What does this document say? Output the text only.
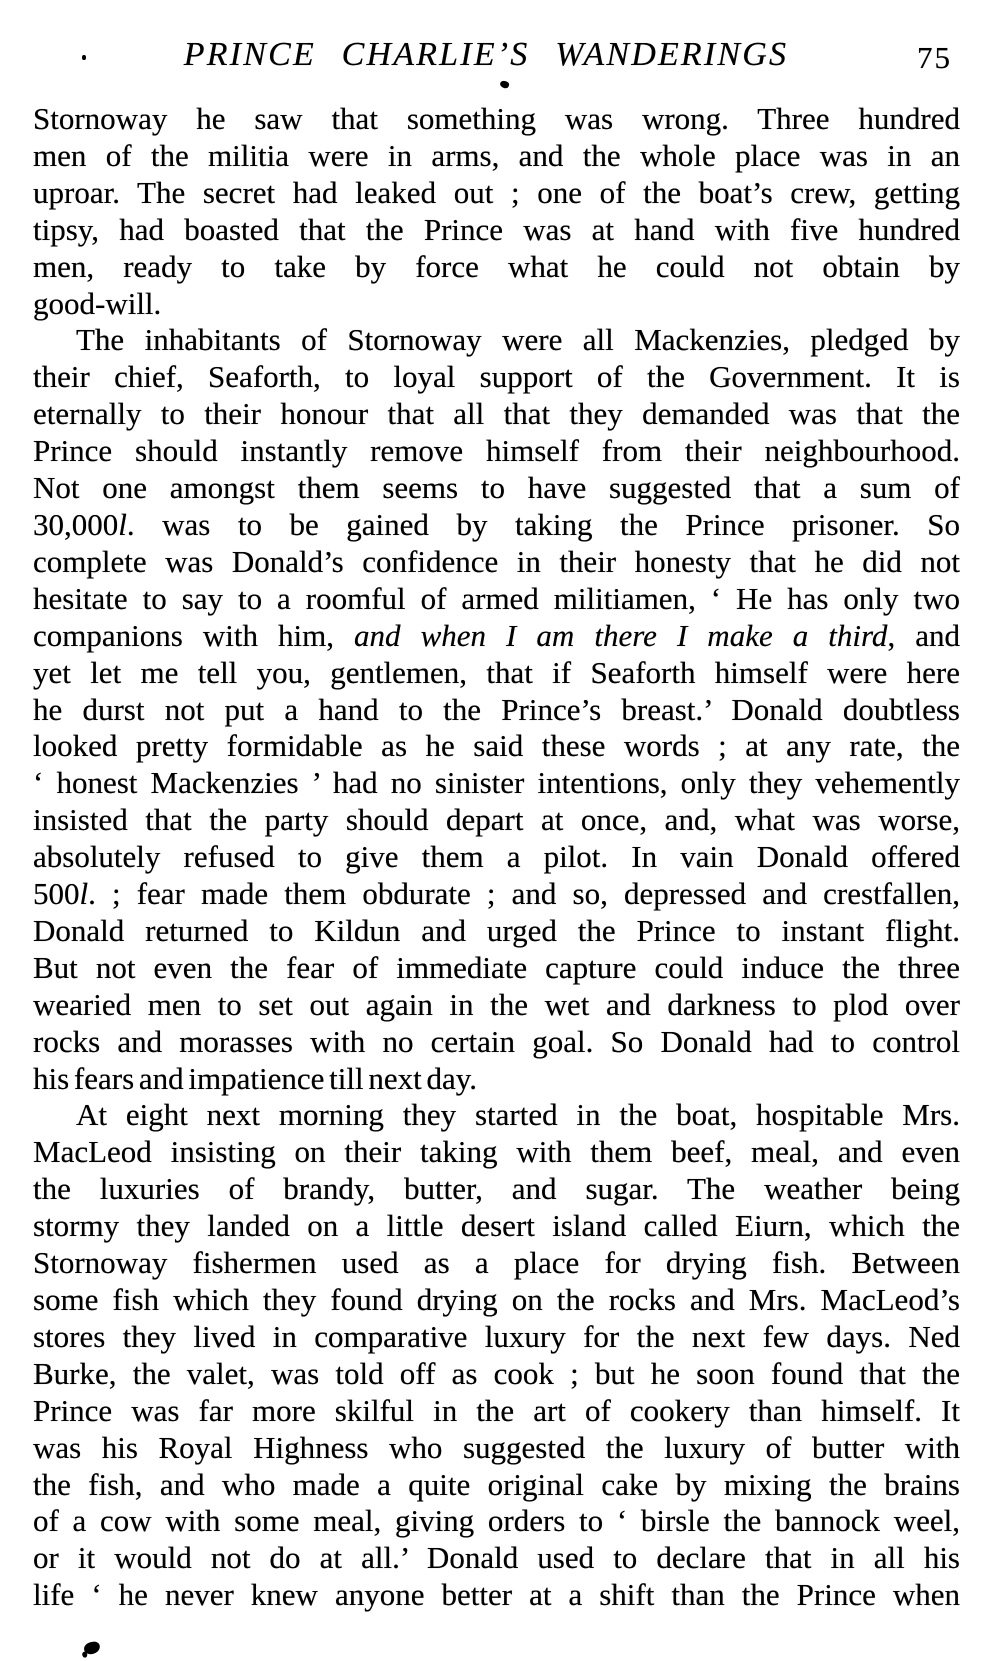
PRINCE CHARLIE’S WANDERINGS	75
Stornoway he saw that something was wrong. Three hundred
men of the militia were in arms, and the whole place was in an
uproar. The secret had leaked out ; one of the boat’s crew, getting
tipsy, had boasted that the Prince was at hand with five hundred
men, ready to take by force what he could not obtain by
good-will.
The inhabitants of Stornoway were all Mackenzies, pledged by
their chief, Seaforth, to loyal support of the Government. It is
eternally to their honour that all that they demanded was that the
Prince should instantly remove himself from their neighbourhood.
Not one amongst them seems to have suggested that a sum of
30,000l. was to be gained by taking the Prince prisoner. So
complete was Donald’s confidence in their honesty that he did not
hesitate to say to a roomful of armed militiamen, ‘ He has only two
companions with him, and when I am there I make a third, and
yet let me tell you, gentlemen, that if Seaforth himself were here
he durst not put a hand to the Prince’s breast.’ Donald doubtless
looked pretty formidable as he said these words ; at any rate, the
‘ honest Mackenzies ’ had no sinister intentions, only they vehemently
insisted that the party should depart at once, and, what was worse,
absolutely refused to give them a pilot. In vain Donald offered
500l. ; fear made them obdurate ; and so, depressed and crestfallen,
Donald returned to Kildun and urged the Prince to instant flight.
But not even the fear of immediate capture could induce the three
wearied men to set out again in the wet and darkness to plod over
rocks and morasses with no certain goal. So Donald had to control
his fears and impatience till next day.
At eight next morning they started in the boat, hospitable Mrs.
MacLeod insisting on their taking with them beef, meal, and even
the luxuries of brandy, butter, and sugar. The weather being
stormy they landed on a little desert island called Eiurn, which the
Stornoway fishermen used as a place for drying fish. Between
some fish which they found drying on the rocks and Mrs. MacLeod’s
stores they lived in comparative luxury for the next few days. Ned
Burke, the valet, was told off as cook ; but he soon found that the
Prince was far more skilful in the art of cookery than himself. It
was his Royal Highness who suggested the luxury of butter with
the fish, and who made a quite original cake by mixing the brains
of a cow with some meal, giving orders to ‘ birsle the bannock weel,
or it would not do at all.’ Donald used to declare that in all his
life ‘ he never knew anyone better at a shift than the Prince when
